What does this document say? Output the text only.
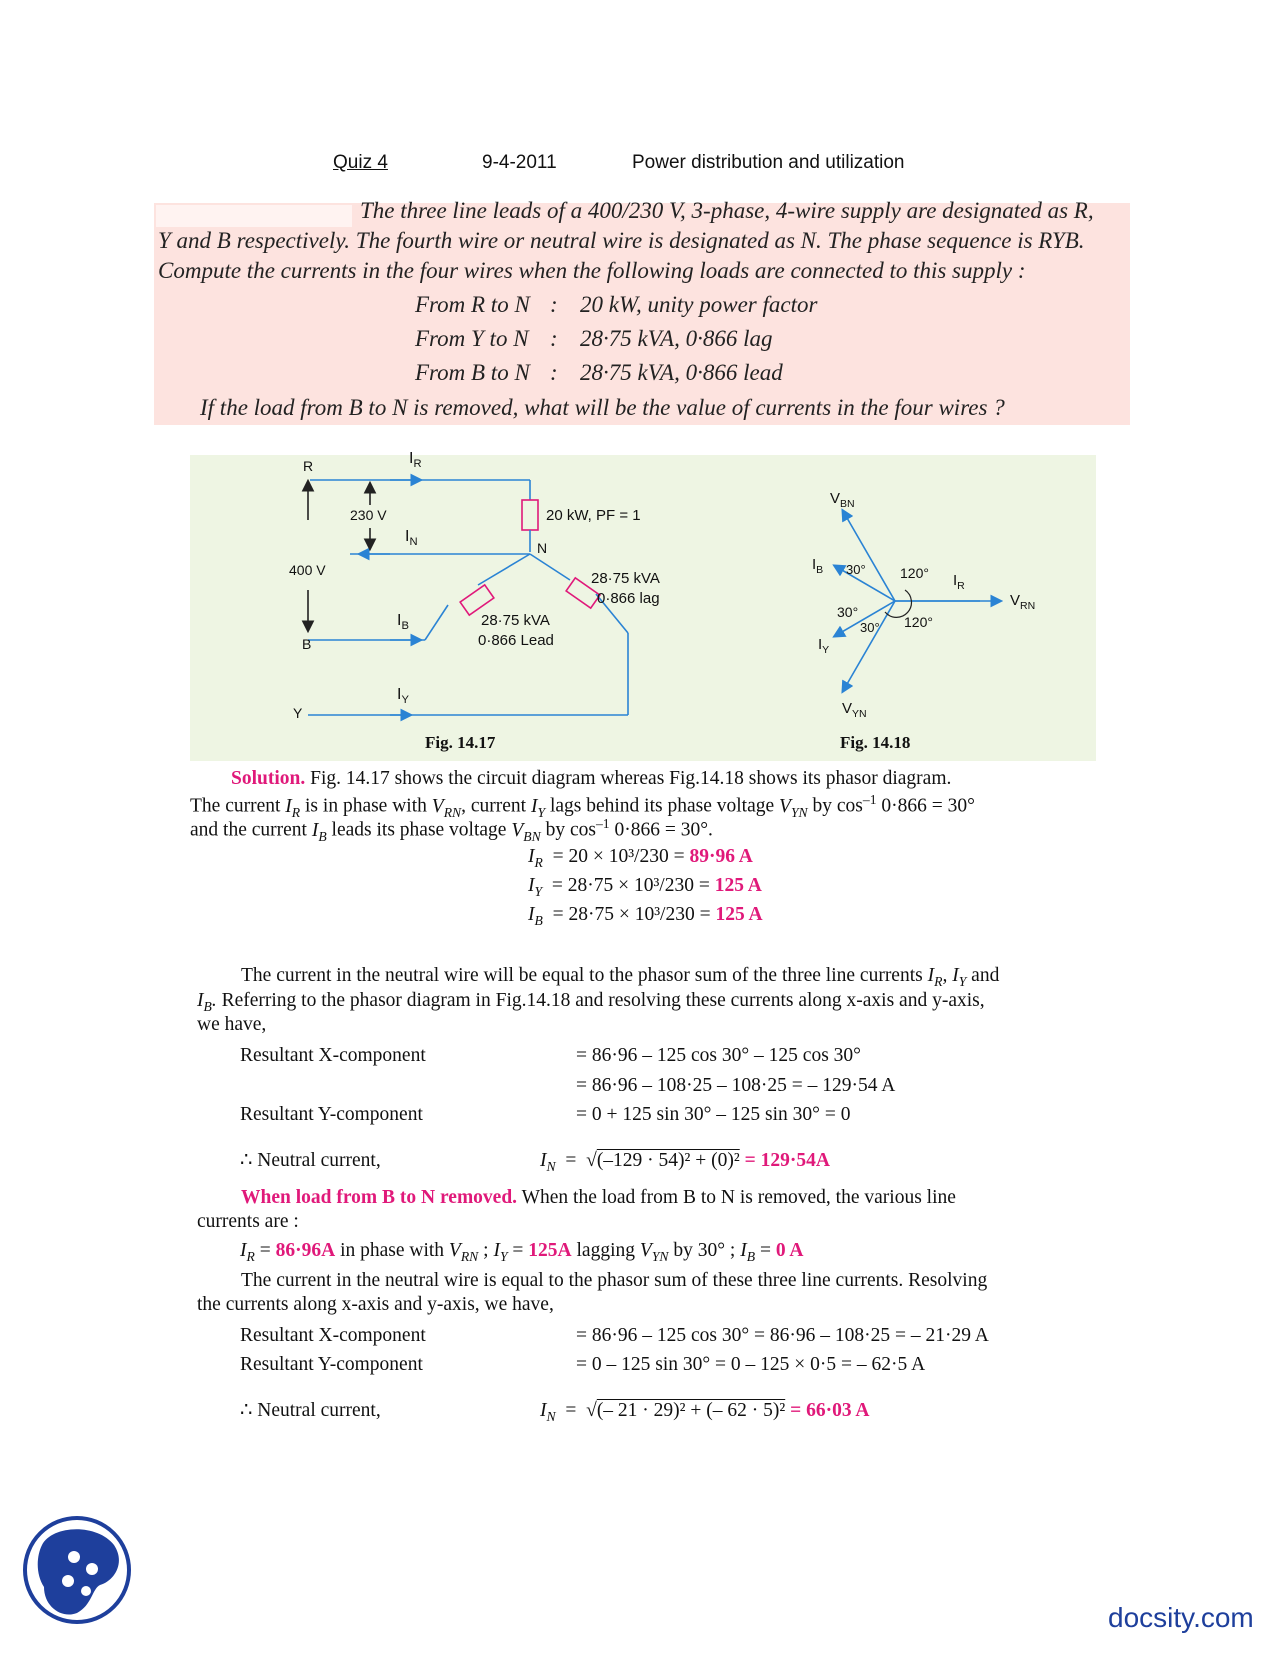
Quiz 4	9-4-2011	Power distribution and utilization
The three line leads of a 400/230 V, 3-phase, 4-wire supply are designated as R,
Y and B respectively. The fourth wire or neutral wire is designated as N. The phase sequence is RYB.
Compute the currents in the four wires when the following loads are connected to this supply :
From R to N : 20 kW, unity power factor
From Y to N : 28·75 kVA, 0·866 lag
From B to N : 28·75 kVA, 0·866 lead
If the load from B to N is removed, what will be the value of currents in the four wires ?
R	$I_R$
230 V	20 kW, PF = 1
$I_N$	N
400 V	28·75 kVA
0·866 lag
$I_B$	28·75 kVA
0·866 Lead
B
$I_Y$
Y
Fig. 14.17
$V_{BN}$
$I_B$ 30° 120° $I_R$
$V_{RN}$
30°
120°
30°
$I_Y$
$V_{YN}$
Fig. 14.18
Solution. Fig. 14.17 shows the circuit diagram whereas Fig.14.18 shows its phasor diagram.
The current $I_R$ is in phase with $V_{RN}$, current $I_Y$ lags behind its phase voltage $V_{YN}$ by $\cos^{-1} 0\cdot 866 = 30^\circ$
and the current $I_B$ leads its phase voltage $V_{BN}$ by $\cos^{-1} 0\cdot 866 = 30^\circ$.
$I_R = 20 \times 10^3/230 = 89\cdot 96$ A
$I_Y = 28\cdot 75 \times 10^3/230 = 125$ A
$I_B = 28\cdot 75 \times 10^3/230 = 125$ A
The current in the neutral wire will be equal to the phasor sum of the three line currents $I_R$, $I_Y$ and
$I_B$. Referring to the phasor diagram in Fig.14.18 and resolving these currents along x-axis and y-axis,
we have,
Resultant X-component	= 86·96 – 125 cos 30° – 125 cos 30°
= 86·96 – 108·25 – 108·25 = – 129·54 A
Resultant Y-component	= 0 + 125 sin 30° – 125 sin 30° = 0
∴ Neutral current,	$I_N = √(-129 \cdot 54)^2 + (0)^2 = 129\cdot 54A$
When load from B to N removed. When the load from B to N is removed, the various line
currents are :
$I_R = 86\cdot 96A$ in phase with $V_{RN}$ ; $I_Y = 125A$ lagging $V_{YN}$ by 30° ; $I_B = 0$ A
The current in the neutral wire is equal to the phasor sum of these three line currents. Resolving
the currents along x-axis and y-axis, we have,
Resultant X-component	= 86·96 – 125 cos 30° = 86·96 – 108·25 = – 21·29 A
Resultant Y-component	= 0 – 125 sin 30° = 0 – 125 × 0·5 = – 62·5 A
∴ Neutral current,	$I_N$  =  √(– 21 · 29)² + (– 62 · 5)² = 66·03 A
docsity.com
